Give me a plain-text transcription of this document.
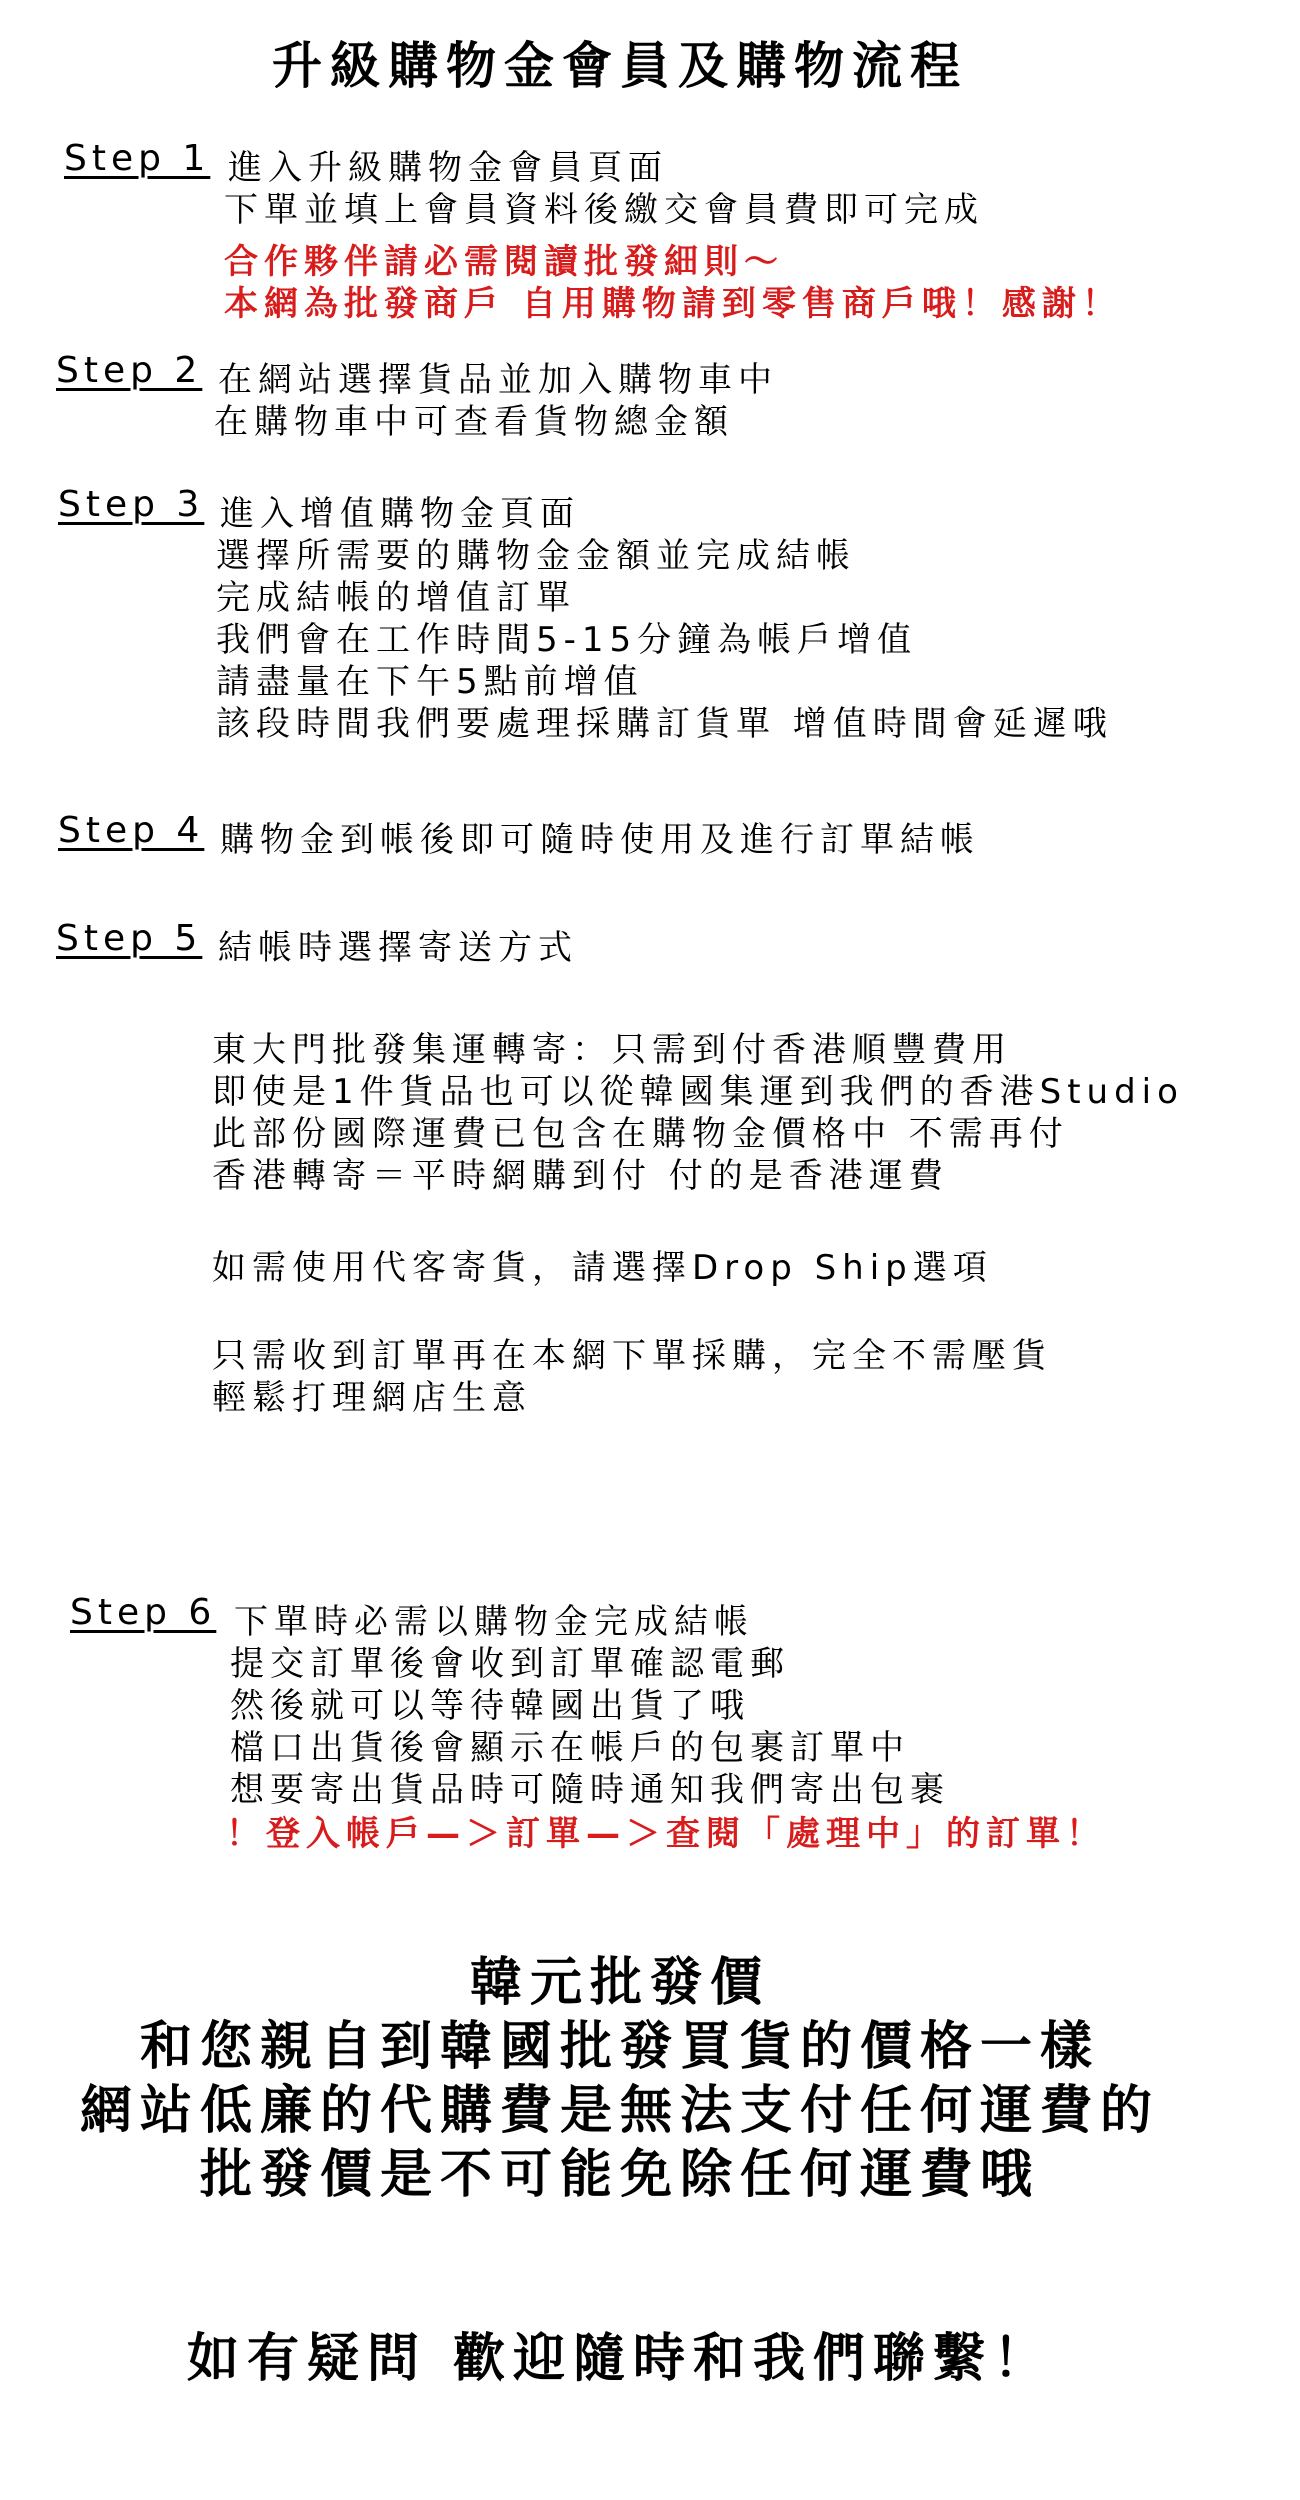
升級購物金會員及購物流程
Step 1 進入升級購物金會員頁面
下單並填上會員資料後繳交會員費即可完成
合作夥伴請必需閱讀批發細則～
本網為批發商戶 自用購物請到零售商戶哦！感謝！
Step 2 在網站選擇貨品並加入購物車中
在購物車中可查看貨物總金額
Step 3 進入增值購物金頁面
選擇所需要的購物金金額並完成結帳
完成結帳的增值訂單
我們會在工作時間5-15分鐘為帳戶增值
請盡量在下午5點前增值
該段時間我們要處理採購訂貨單 增值時間會延遲哦
Step 4 購物金到帳後即可隨時使用及進行訂單結帳
Step 5 結帳時選擇寄送方式
東大門批發集運轉寄：只需到付香港順豐費用
即使是1件貨品也可以從韓國集運到我們的香港Studio
此部份國際運費已包含在購物金價格中 不需再付
香港轉寄＝平時網購到付 付的是香港運費
如需使用代客寄貨，請選擇Drop Ship選項
只需收到訂單再在本網下單採購，完全不需壓貨
輕鬆打理網店生意
Step 6 下單時必需以購物金完成結帳
提交訂單後會收到訂單確認電郵
然後就可以等待韓國出貨了哦
檔口出貨後會顯示在帳戶的包裹訂單中
想要寄出貨品時可隨時通知我們寄出包裹
！登入帳戶—＞訂單—＞查閱「處理中」的訂單！
韓元批發價
和您親自到韓國批發買貨的價格一樣
網站低廉的代購費是無法支付任何運費的
批發價是不可能免除任何運費哦
如有疑問 歡迎隨時和我們聯繫！
